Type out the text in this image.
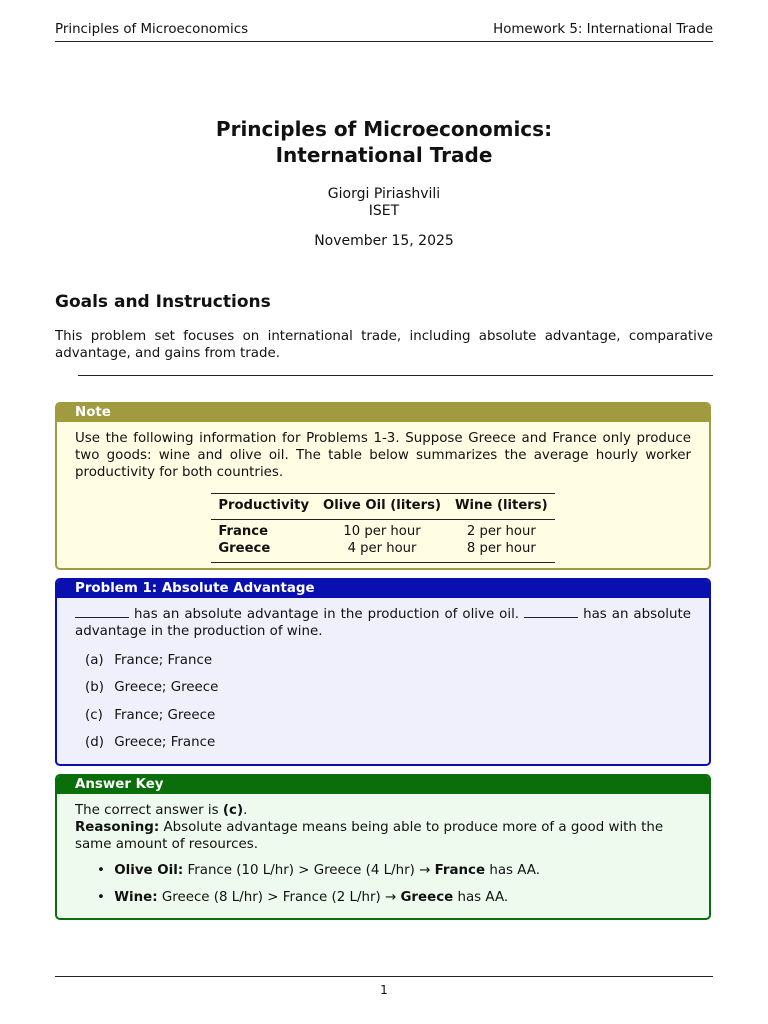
Principles of Microeconomics	Homework 5: International Trade
Principles of Microeconomics:
International Trade
Giorgi Piriashvili
ISET
November 15, 2025
Goals and Instructions
This problem set focuses on international trade, including absolute advantage, comparative advantage, and gains from trade.
Note
Use the following information for Problems 1-3. Suppose Greece and France only produce two goods: wine and olive oil. The table below summarizes the average hourly worker productivity for both countries.
Productivity	Olive Oil (liters)	Wine (liters)
France	10 per hour	2 per hour
Greece	4 per hour	8 per hour
Problem 1: Absolute Advantage
has an absolute advantage in the production of olive oil.	has an absolute advantage in the production of wine.
(a) France; France
(b) Greece; Greece
(c) France; Greece
(d) Greece; France
Answer Key
The correct answer is (c).
Reasoning: Absolute advantage means being able to produce more of a good with the same amount of resources.
• Olive Oil: France (10 L/hr) > Greece (4 L/hr) → France has AA.
• Wine: Greece (8 L/hr) > France (2 L/hr) → Greece has AA.
1
